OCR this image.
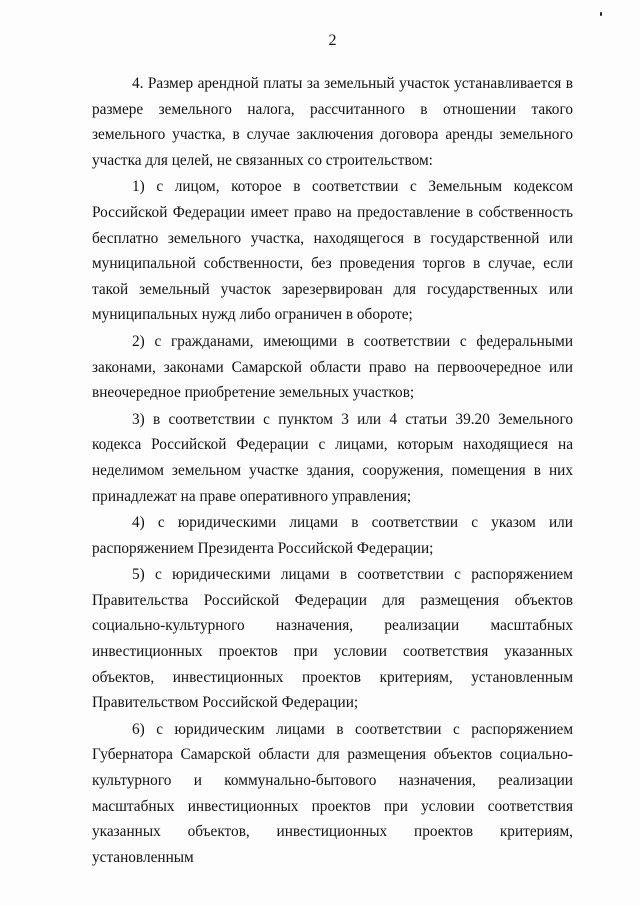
2

4. Размер арендной платы за земельный участок устанавливается в размере земельного налога, рассчитанного в отношении такого земельного участка, в случае заключения договора аренды земельного участка для целей, не связанных со строительством:

1) с лицом, которое в соответствии с Земельным кодексом Российской Федерации имеет право на предоставление в собственность бесплатно земельного участка, находящегося в государственной или муниципальной собственности, без проведения торгов в случае, если такой земельный участок зарезервирован для государственных или муниципальных нужд либо ограничен в обороте;

2) с гражданами, имеющими в соответствии с федеральными законами, законами Самарской области право на первоочередное или внеочередное приобретение земельных участков;

3) в соответствии с пунктом 3 или 4 статьи 39.20 Земельного кодекса Российской Федерации с лицами, которым находящиеся на неделимом земельном участке здания, сооружения, помещения в них принадлежат на праве оперативного управления;

4) с юридическими лицами в соответствии с указом или распоряжением Президента Российской Федерации;

5) с юридическими лицами в соответствии с распоряжением Правительства Российской Федерации для размещения объектов социально-культурного назначения, реализации масштабных инвестиционных проектов при условии соответствия указанных объектов, инвестиционных проектов критериям, установленным Правительством Российской Федерации;

6) с юридическим лицами в соответствии с распоряжением Губернатора Самарской области для размещения объектов социально-культурного и коммунально-бытового назначения, реализации масштабных инвестиционных проектов при условии соответствия указанных объектов, инвестиционных проектов критериям, установленным
